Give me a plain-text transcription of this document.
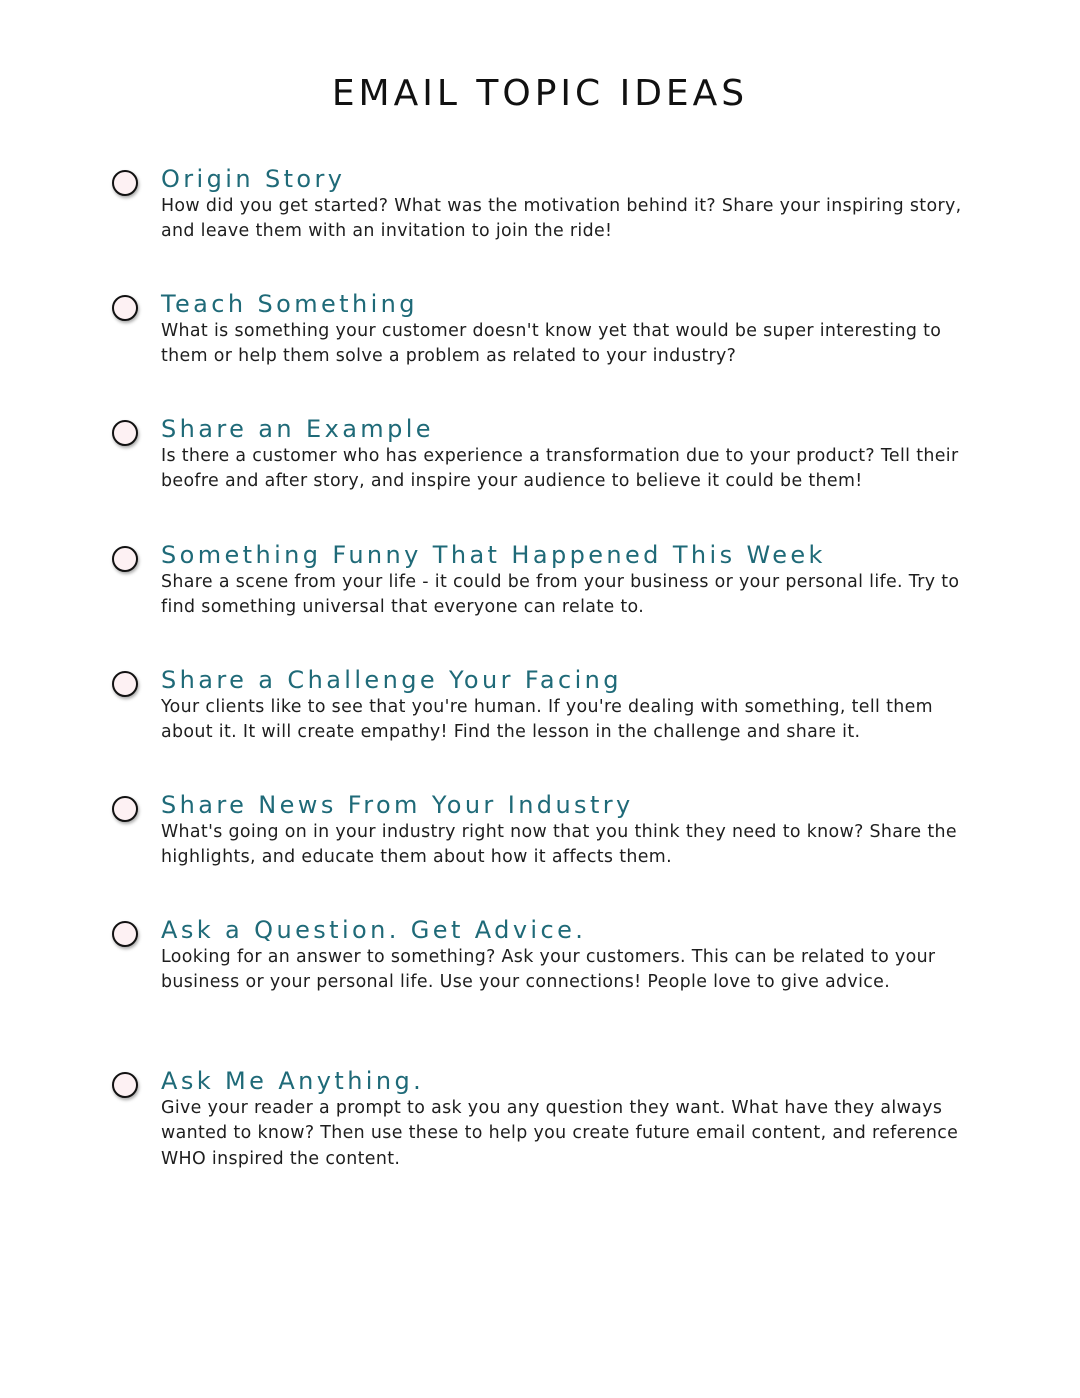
EMAIL TOPIC IDEAS
Origin Story

How did you get started? What was the motivation behind it? Share your inspiring story, and leave them with an invitation to join the ride!

Teach Something

What is something your customer doesn't know yet that would be super interesting to them or help them solve a problem as related to your industry?

Share an Example

Is there a customer who has experience a transformation due to your product? Tell their beofre and after story, and inspire your audience to believe it could be them!

Something Funny That Happened This Week

Share a scene from your life - it could be from your business or your personal life. Try to find something universal that everyone can relate to.

Share a Challenge Your Facing

Your clients like to see that you're human. If you're dealing with something, tell them about it. It will create empathy! Find the lesson in the challenge and share it.

Share News From Your Industry

What's going on in your industry right now that you think they need to know? Share the highlights, and educate them about how it affects them.

Ask a Question. Get Advice.

Looking for an answer to something? Ask your customers. This can be related to your business or your personal life. Use your connections! People love to give advice.

Ask Me Anything.

Give your reader a prompt to ask you any question they want. What have they always wanted to know? Then use these to help you create future email content, and reference WHO inspired the content.
